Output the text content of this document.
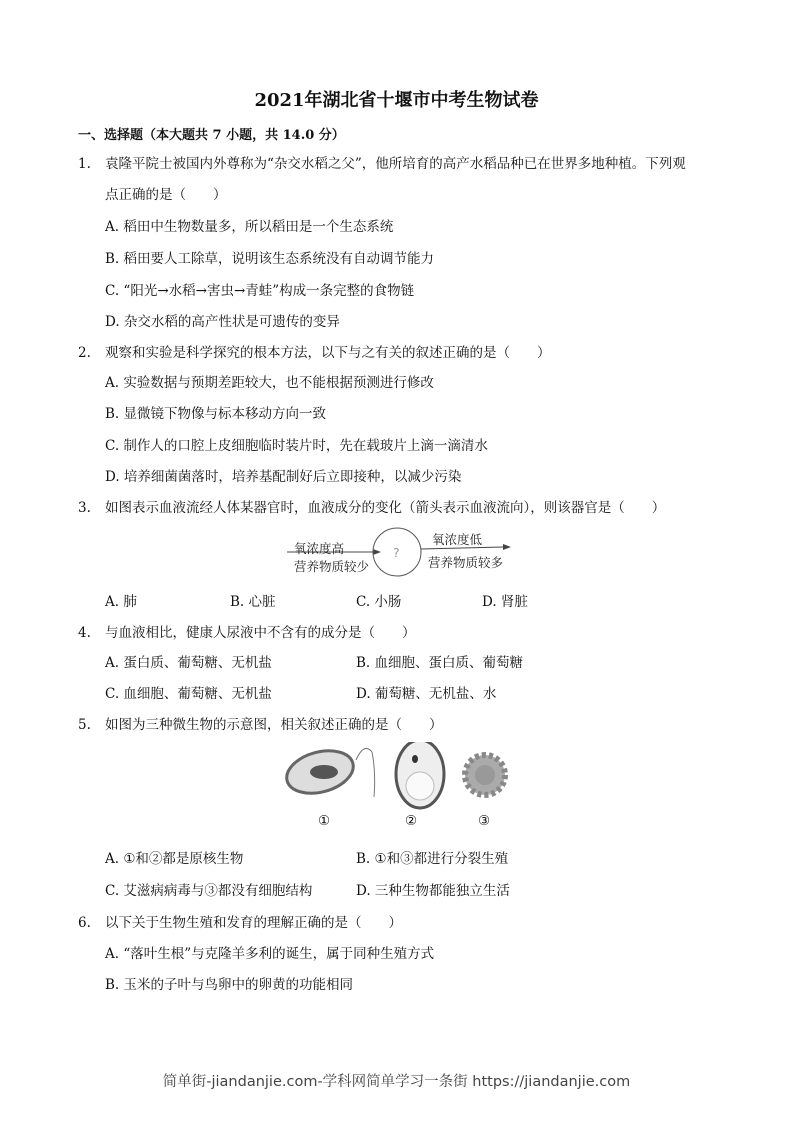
2021年湖北省十堰市中考生物试卷
一、选择题（本大题共 7 小题，共 14.0 分）
1. 袁隆平院士被国内外尊称为“杂交水稻之父”，他所培育的高产水稻品种已在世界多地种植。下列观
点正确的是（　　）
A. 稻田中生物数量多，所以稻田是一个生态系统
B. 稻田要人工除草，说明该生态系统没有自动调节能力
C. “阳光→水稻→害虫→青蛙”构成一条完整的食物链
D. 杂交水稻的高产性状是可遗传的变异
2. 观察和实验是科学探究的根本方法，以下与之有关的叙述正确的是（　　）
A. 实验数据与预期差距较大，也不能根据预测进行修改
B. 显微镜下物像与标本移动方向一致
C. 制作人的口腔上皮细胞临时装片时，先在载玻片上滴一滴清水
D. 培养细菌菌落时，培养基配制好后立即接种，以减少污染
3. 如图表示血液流经人体某器官时，血液成分的变化（箭头表示血液流向），则该器官是（　　）
氧浓度高
营养物质较少
?
氧浓度低
营养物质较多
A. 肺	B. 心脏	C. 小肠	D. 肾脏
4. 与血液相比，健康人尿液中不含有的成分是（　　）
A. 蛋白质、葡萄糖、无机盐	B. 血细胞、蛋白质、葡萄糖
C. 血细胞、葡萄糖、无机盐	D. 葡萄糖、无机盐、水
5. 如图为三种微生物的示意图，相关叙述正确的是（　　）
①	②	③
A. ①和②都是原核生物	B. ①和③都进行分裂生殖
C. 艾滋病病毒与③都没有细胞结构	D. 三种生物都能独立生活
6. 以下关于生物生殖和发育的理解正确的是（　　）
A. “落叶生根”与克隆羊多利的诞生，属于同种生殖方式
B. 玉米的子叶与鸟卵中的卵黄的功能相同
简单街-jiandanjie.com-学科网简单学习一条街 https://jiandanjie.com
